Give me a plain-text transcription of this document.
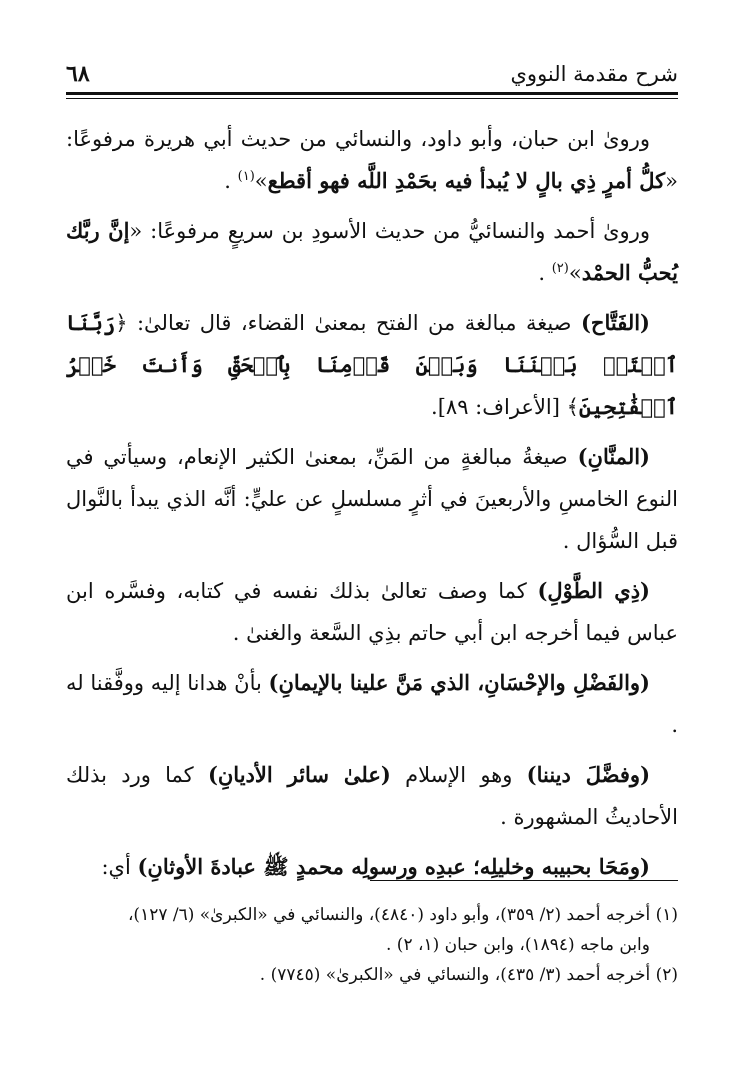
شرح مقدمة النووي
٦٨

ورویٰ ابن حبان، وأبو داود، والنسائي من حديث أبي هريرة مرفوعًا: «كلُّ أمرٍ ذِي بالٍ لا يُبدأ فيه بحَمْدِ اللَّه فهو أقطع»$^{(١)}$ .

ورویٰ أحمد والنسائيُّ من حديث الأسودِ بن سريعٍ مرفوعًا: «إنَّ ربَّك يُحبُّ الحمْد»$^{(٢)}$ .

(الفَتَّاح) صيغة مبالغة من الفتح بمعنىٰ القضاء، قال تعالىٰ: ﴿رَبَّنَا ٱفۡتَحۡ بَيۡنَنَا وَبَيۡنَ قَوۡمِنَا بِٱلۡحَقِّ وَأَنتَ خَيۡرُ ٱلۡفَٰتِحِينَ﴾ [الأعراف: ٨٩].

(المنَّانِ) صيغةُ مبالغةٍ من المَنِّ، بمعنىٰ الكثير الإنعام، وسيأتي في النوع الخامسِ والأربعينَ في أثرٍ مسلسلٍ عن عليٍّ: أنَّه الذي يبدأ بالنَّوال قبل السُّؤال .

(ذِي الطَّوْلِ) كما وصف تعالىٰ بذلك نفسه في كتابه، وفسَّره ابن عباس فيما أخرجه ابن أبي حاتم بذِي السَّعة والغنىٰ .

(والفَضْلِ والإحْسَانِ، الذي مَنَّ علينا بالإيمانِ) بأنْ هدانا إليه ووفَّقنا له .

(وفضَّلَ ديننا) وهو الإسلام (علىٰ سائر الأديانِ) كما ورد بذلك الأحاديثُ المشهورة .

(ومَحَا بحبيبه وخليلِه؛ عبدِه ورسولِه محمدٍ ﷺ عبادةَ الأوثانِ) أي:

(١) أخرجه أحمد (٢/ ٣٥٩)، وأبو داود (٤٨٤٠)، والنسائي في «الكبرىٰ» (٦/ ١٢٧)،

وابن ماجه (١٨٩٤)، وابن حبان (١، ٢) .

(٢) أخرجه أحمد (٣/ ٤٣٥)، والنسائي في «الكبرىٰ» (٧٧٤٥) .
